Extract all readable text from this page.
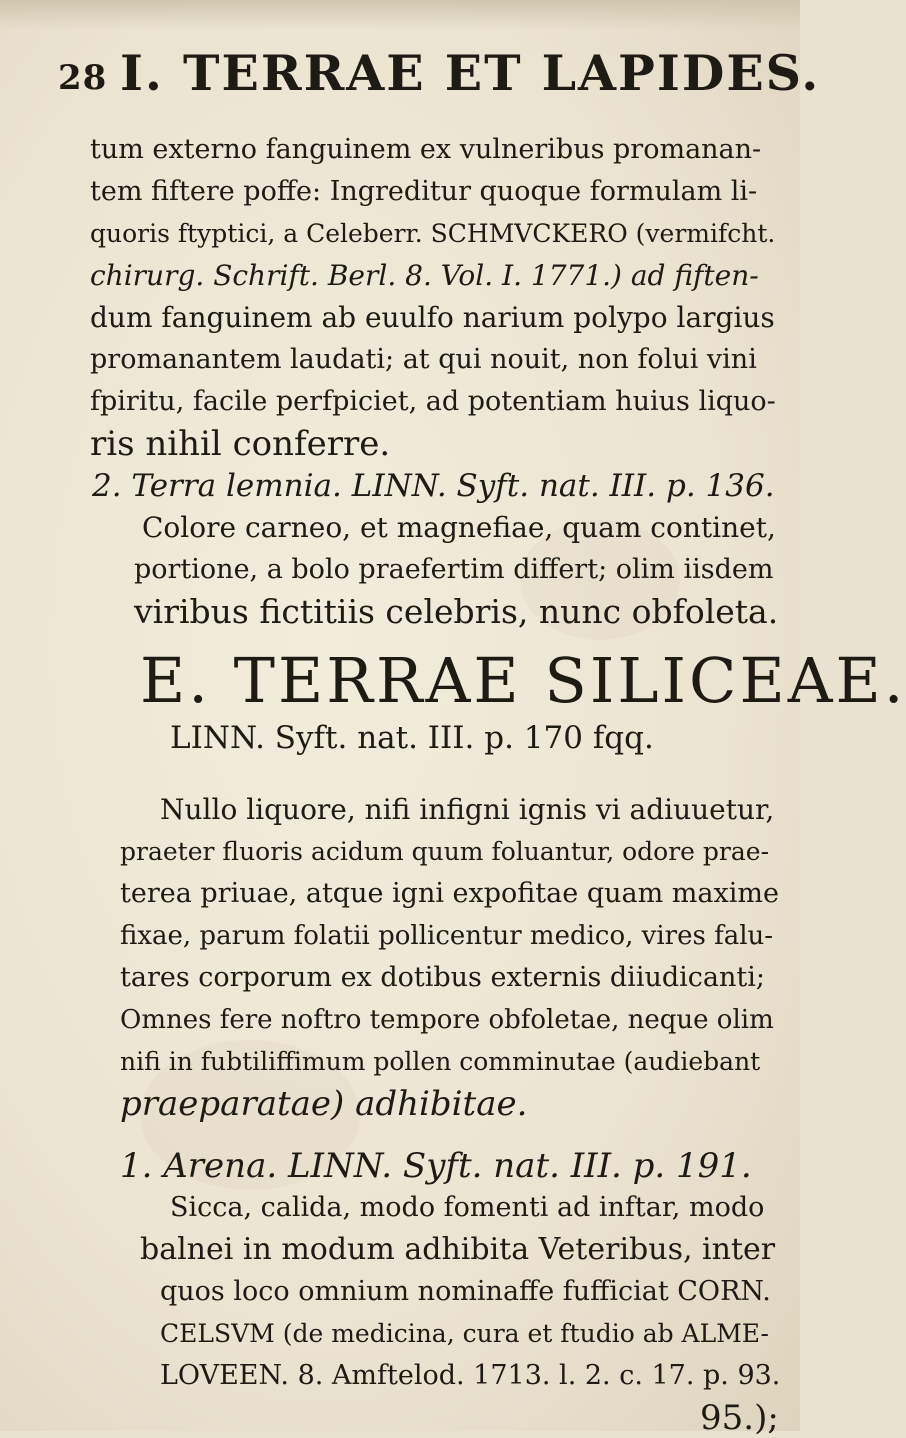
28 I. TERRAE ET LAPIDES.
tum externo fanguinem ex vulneribus promanan-
tem fiftere poffe: Ingreditur quoque formulam li-
quoris ftyptici, a Celeberr. SCHMVCKERO (vermifcht.
chirurg. Schrift. Berl. 8. Vol. I. 1771.) ad fiften-
dum fanguinem ab euulfo narium polypo largius
promanantem laudati; at qui nouit, non folui vini
fpiritu, facile perfpiciet, ad potentiam huius liquo-
ris nihil conferre.
2. Terra lemnia. LINN. Syft. nat. III. p. 136.
Colore carneo, et magnefiae, quam continet,
portione, a bolo praefertim differt; olim iisdem
viribus fictitiis celebris, nunc obfoleta.
E. TERRAE SILICEAE.
LINN. Syft. nat. III. p. 170 fqq.
Nullo liquore, nifi infigni ignis vi adiuuetur,
praeter fluoris acidum quum foluantur, odore prae-
terea priuae, atque igni expofitae quam maxime
fixae, parum folatii pollicentur medico, vires falu-
tares corporum ex dotibus externis diiudicanti;
Omnes fere noftro tempore obfoletae, neque olim
nifi in fubtiliffimum pollen comminutae (audiebant
praeparatae) adhibitae.
1. Arena. LINN. Syft. nat. III. p. 191.
Sicca, calida, modo fomenti ad inftar, modo
balnei in modum adhibita Veteribus, inter
quos loco omnium nominaffe fufficiat CORN.
CELSVM (de medicina, cura et ftudio ab ALME-
LOVEEN. 8. Amftelod. 1713. l. 2. c. 17. p. 93.
95.);
